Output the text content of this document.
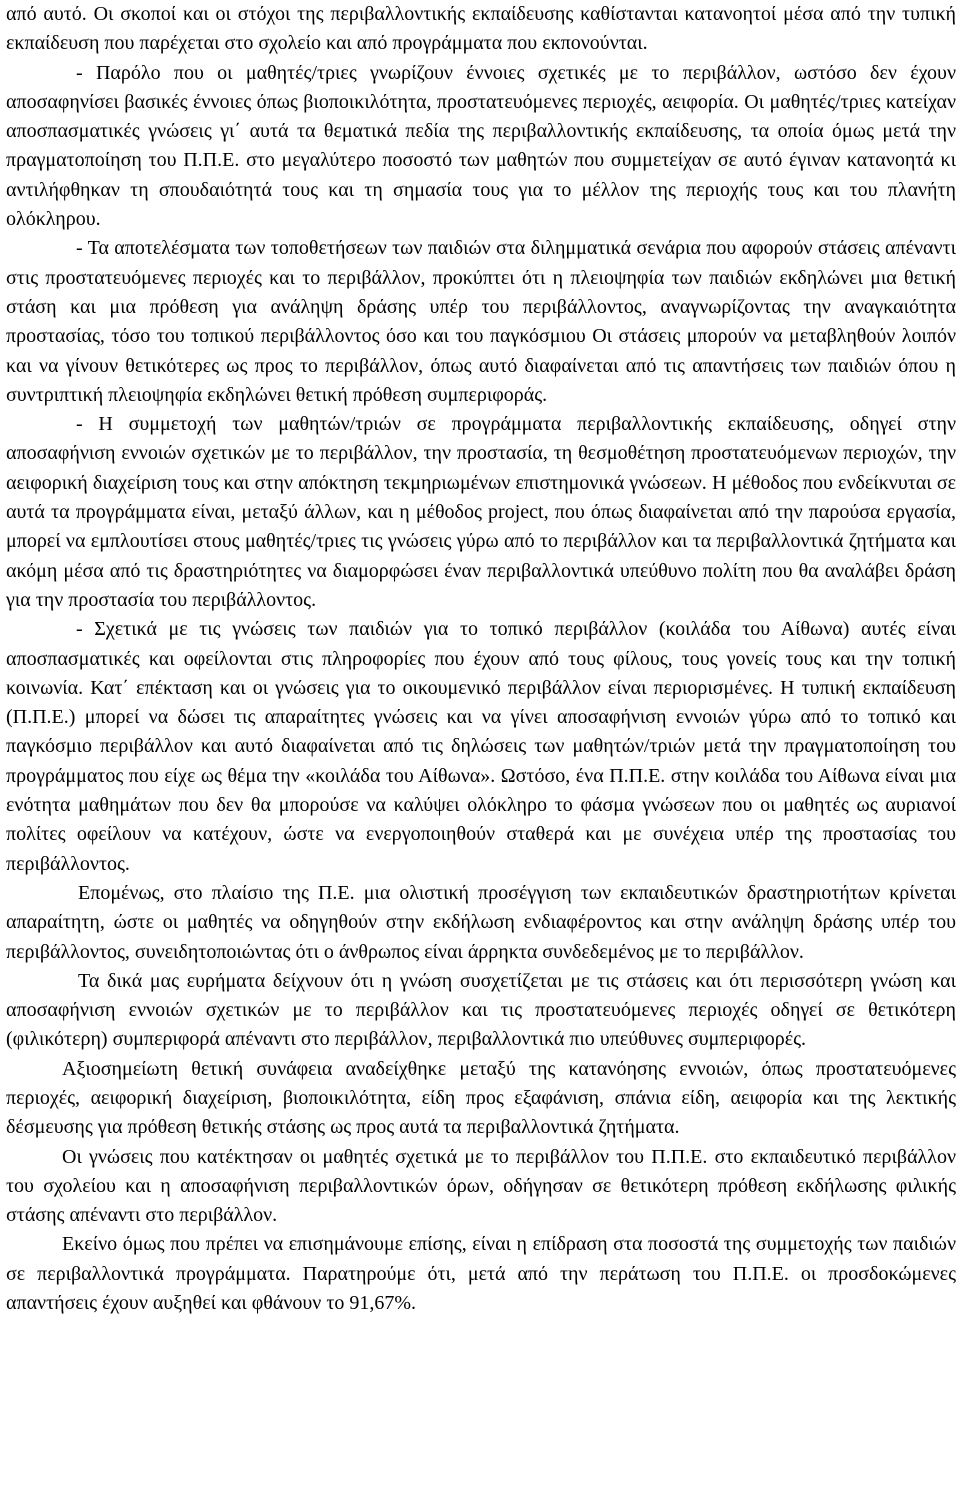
από αυτό. Οι σκοποί και οι στόχοι της περιβαλλοντικής εκπαίδευσης καθίστανται κατανοητοί μέσα από την τυπική εκπαίδευση που παρέχεται στο σχολείο και από προγράμματα που εκπονούνται.

- Παρόλο που οι μαθητές/τριες γνωρίζουν έννοιες σχετικές με το περιβάλλον, ωστόσο δεν έχουν αποσαφηνίσει βασικές έννοιες όπως βιοποικιλότητα, προστατευόμενες περιοχές, αειφορία. Οι μαθητές/τριες κατείχαν αποσπασματικές γνώσεις γι΄ αυτά τα θεματικά πεδία της περιβαλλοντικής εκπαίδευσης, τα οποία όμως μετά την πραγματοποίηση του Π.Π.Ε. στο μεγαλύτερο ποσοστό των μαθητών που συμμετείχαν σε αυτό έγιναν κατανοητά κι αντιλήφθηκαν τη σπουδαιότητά τους και τη σημασία τους για το μέλλον της περιοχής τους και του πλανήτη ολόκληρου.

- Τα αποτελέσματα των τοποθετήσεων των παιδιών στα διλημματικά σενάρια που αφορούν στάσεις απέναντι στις προστατευόμενες περιοχές και το περιβάλλον, προκύπτει ότι η πλειοψηφία των παιδιών εκδηλώνει μια θετική στάση και μια πρόθεση για ανάληψη δράσης υπέρ του περιβάλλοντος, αναγνωρίζοντας την αναγκαιότητα προστασίας, τόσο του τοπικού περιβάλλοντος όσο και του παγκόσμιου Οι στάσεις μπορούν να μεταβληθούν λοιπόν και να γίνουν θετικότερες ως προς το περιβάλλον, όπως αυτό διαφαίνεται από τις απαντήσεις των παιδιών όπου η συντριπτική πλειοψηφία εκδηλώνει θετική πρόθεση συμπεριφοράς.

- Η συμμετοχή των μαθητών/τριών σε προγράμματα περιβαλλοντικής εκπαίδευσης, οδηγεί στην αποσαφήνιση εννοιών σχετικών με το περιβάλλον, την προστασία, τη θεσμοθέτηση προστατευόμενων περιοχών, την αειφορική διαχείριση τους και στην απόκτηση τεκμηριωμένων επιστημονικά γνώσεων. Η μέθοδος που ενδείκνυται σε αυτά τα προγράμματα είναι, μεταξύ άλλων, και η μέθοδος project, που όπως διαφαίνεται από την παρούσα εργασία, μπορεί να εμπλουτίσει στους μαθητές/τριες τις γνώσεις γύρω από το περιβάλλον και τα περιβαλλοντικά ζητήματα και ακόμη μέσα από τις δραστηριότητες να διαμορφώσει έναν περιβαλλοντικά υπεύθυνο πολίτη που θα αναλάβει δράση για την προστασία του περιβάλλοντος.

- Σχετικά με τις γνώσεις των παιδιών για το τοπικό περιβάλλον (κοιλάδα του Αίθωνα) αυτές είναι αποσπασματικές και οφείλονται στις πληροφορίες που έχουν από τους φίλους, τους γονείς τους και την τοπική κοινωνία. Κατ΄ επέκταση και οι γνώσεις για το οικουμενικό περιβάλλον είναι περιορισμένες. Η τυπική εκπαίδευση (Π.Π.Ε.) μπορεί να δώσει τις απαραίτητες γνώσεις και να γίνει αποσαφήνιση εννοιών γύρω από το τοπικό και παγκόσμιο περιβάλλον και αυτό διαφαίνεται από τις δηλώσεις των μαθητών/τριών μετά την πραγματοποίηση του προγράμματος που είχε ως θέμα την «κοιλάδα του Αίθωνα». Ωστόσο, ένα Π.Π.Ε. στην κοιλάδα του Αίθωνα είναι μια ενότητα μαθημάτων που δεν θα μπορούσε να καλύψει ολόκληρο το φάσμα γνώσεων που οι μαθητές ως αυριανοί πολίτες οφείλουν να κατέχουν, ώστε να ενεργοποιηθούν σταθερά και με συνέχεια υπέρ της προστασίας του περιβάλλοντος.

Επομένως, στο πλαίσιο της Π.Ε. μια ολιστική προσέγγιση των εκπαιδευτικών δραστηριοτήτων κρίνεται απαραίτητη, ώστε οι μαθητές να οδηγηθούν στην εκδήλωση ενδιαφέροντος και στην ανάληψη δράσης υπέρ του περιβάλλοντος, συνειδητοποιώντας ότι ο άνθρωπος είναι άρρηκτα συνδεδεμένος με το περιβάλλον.

Τα δικά μας ευρήματα δείχνουν ότι η γνώση συσχετίζεται με τις στάσεις και ότι περισσότερη γνώση και αποσαφήνιση εννοιών σχετικών με το περιβάλλον και τις προστατευόμενες περιοχές οδηγεί σε θετικότερη (φιλικότερη) συμπεριφορά απέναντι στο περιβάλλον, περιβαλλοντικά πιο υπεύθυνες συμπεριφορές.

Αξιοσημείωτη θετική συνάφεια αναδείχθηκε μεταξύ της κατανόησης εννοιών, όπως προστατευόμενες περιοχές, αειφορική διαχείριση, βιοποικιλότητα, είδη προς εξαφάνιση, σπάνια είδη, αειφορία και της λεκτικής δέσμευσης για πρόθεση θετικής στάσης ως προς αυτά τα περιβαλλοντικά ζητήματα.

Οι γνώσεις που κατέκτησαν οι μαθητές σχετικά με το περιβάλλον του Π.Π.Ε. στο εκπαιδευτικό περιβάλλον του σχολείου και η αποσαφήνιση περιβαλλοντικών όρων, οδήγησαν σε θετικότερη πρόθεση εκδήλωσης φιλικής στάσης απέναντι στο περιβάλλον.

Εκείνο όμως που πρέπει να επισημάνουμε επίσης, είναι η επίδραση στα ποσοστά της συμμετοχής των παιδιών σε περιβαλλοντικά προγράμματα. Παρατηρούμε ότι, μετά από την περάτωση του Π.Π.Ε. οι προσδοκώμενες απαντήσεις έχουν αυξηθεί και φθάνουν το 91,67%.
